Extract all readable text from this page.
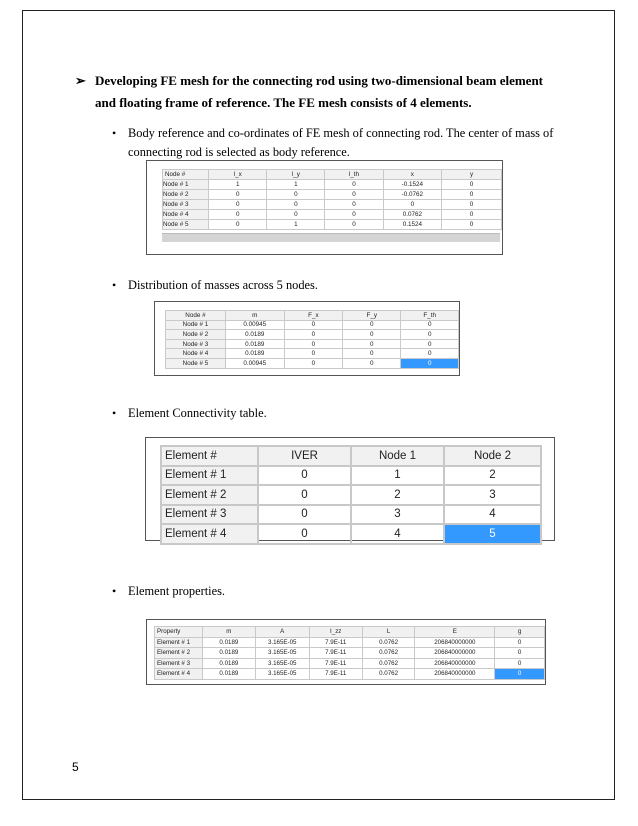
➢ Developing FE mesh for the connecting rod using two-dimensional beam element and floating frame of reference. The FE mesh consists of 4 elements.
• Body reference and co-ordinates of FE mesh of connecting rod. The center of mass of connecting rod is selected as body reference.
Node #	l_x	l_y	l_th	x	y
Node # 1	1	1	0	-0.1524	0
Node # 2	0	0	0	-0.0762	0
Node # 3	0	0	0	0	0
Node # 4	0	0	0	0.0762	0
Node # 5	0	1	0	0.1524	0
• Distribution of masses across 5 nodes.
Node #	m	F_x	F_y	F_th
Node # 1	0.00945	0	0	0
Node # 2	0.0189	0	0	0
Node # 3	0.0189	0	0	0
Node # 4	0.0189	0	0	0
Node # 5	0.00945	0	0	0
• Element Connectivity table.
Element #	IVER	Node 1	Node 2
Element # 1	0	1	2
Element # 2	0	2	3
Element # 3	0	3	4
Element # 4	0	4	5
• Element properties.
Property	m	A	I_zz	L	E	g
Element # 1	0.0189	3.165E-05	7.9E-11	0.0762	206840000000	0
Element # 2	0.0189	3.165E-05	7.9E-11	0.0762	206840000000	0
Element # 3	0.0189	3.165E-05	7.9E-11	0.0762	206840000000	0
Element # 4	0.0189	3.165E-05	7.9E-11	0.0762	206840000000	0
5
